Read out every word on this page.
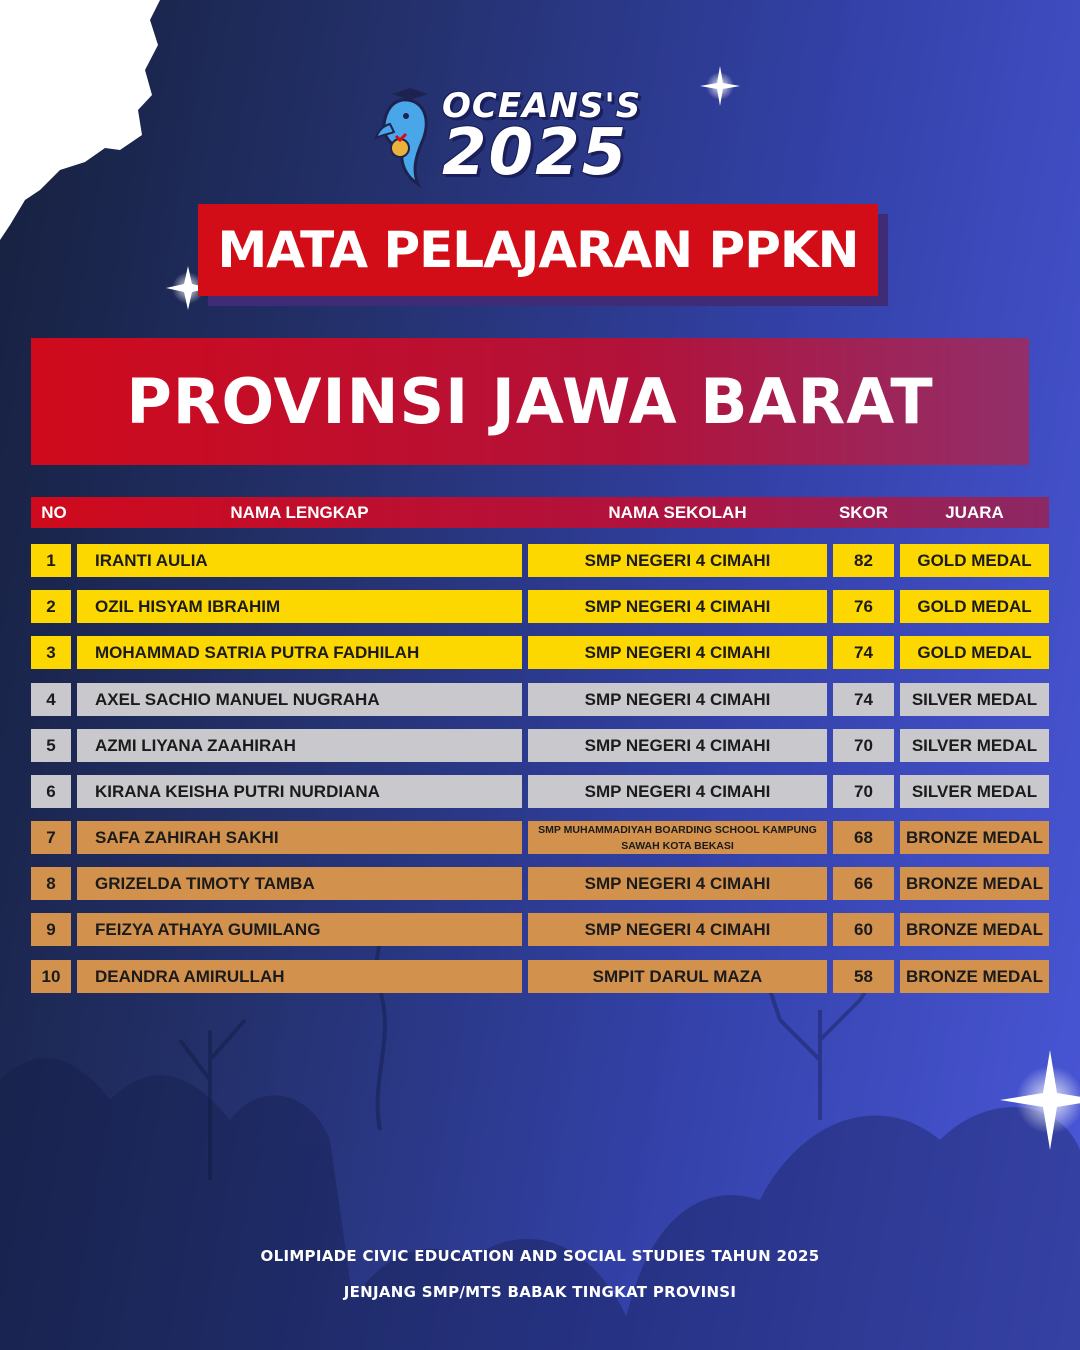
OCEANS'S
2025
MATA PELAJARAN PPKN
PROVINSI JAWA BARAT
NO	NAMA LENGKAP	NAMA SEKOLAH	SKOR	JUARA
1	IRANTI AULIA	SMP NEGERI 4 CIMAHI	82	GOLD MEDAL
2	OZIL HISYAM IBRAHIM	SMP NEGERI 4 CIMAHI	76	GOLD MEDAL
3	MOHAMMAD SATRIA PUTRA FADHILAH	SMP NEGERI 4 CIMAHI	74	GOLD MEDAL
4	AXEL SACHIO MANUEL NUGRAHA	SMP NEGERI 4 CIMAHI	74	SILVER MEDAL
5	AZMI LIYANA ZAAHIRAH	SMP NEGERI 4 CIMAHI	70	SILVER MEDAL
6	KIRANA KEISHA PUTRI NURDIANA	SMP NEGERI 4 CIMAHI	70	SILVER MEDAL
7	SAFA ZAHIRAH SAKHI	SMP MUHAMMADIYAH BOARDING SCHOOL KAMPUNG SAWAH KOTA BEKASI	68	BRONZE MEDAL
8	GRIZELDA TIMOTY TAMBA	SMP NEGERI 4 CIMAHI	66	BRONZE MEDAL
9	FEIZYA ATHAYA GUMILANG	SMP NEGERI 4 CIMAHI	60	BRONZE MEDAL
10	DEANDRA AMIRULLAH	SMPIT DARUL MAZA	58	BRONZE MEDAL
OLIMPIADE CIVIC EDUCATION AND SOCIAL STUDIES TAHUN 2025
JENJANG SMP/MTS BABAK TINGKAT PROVINSI
